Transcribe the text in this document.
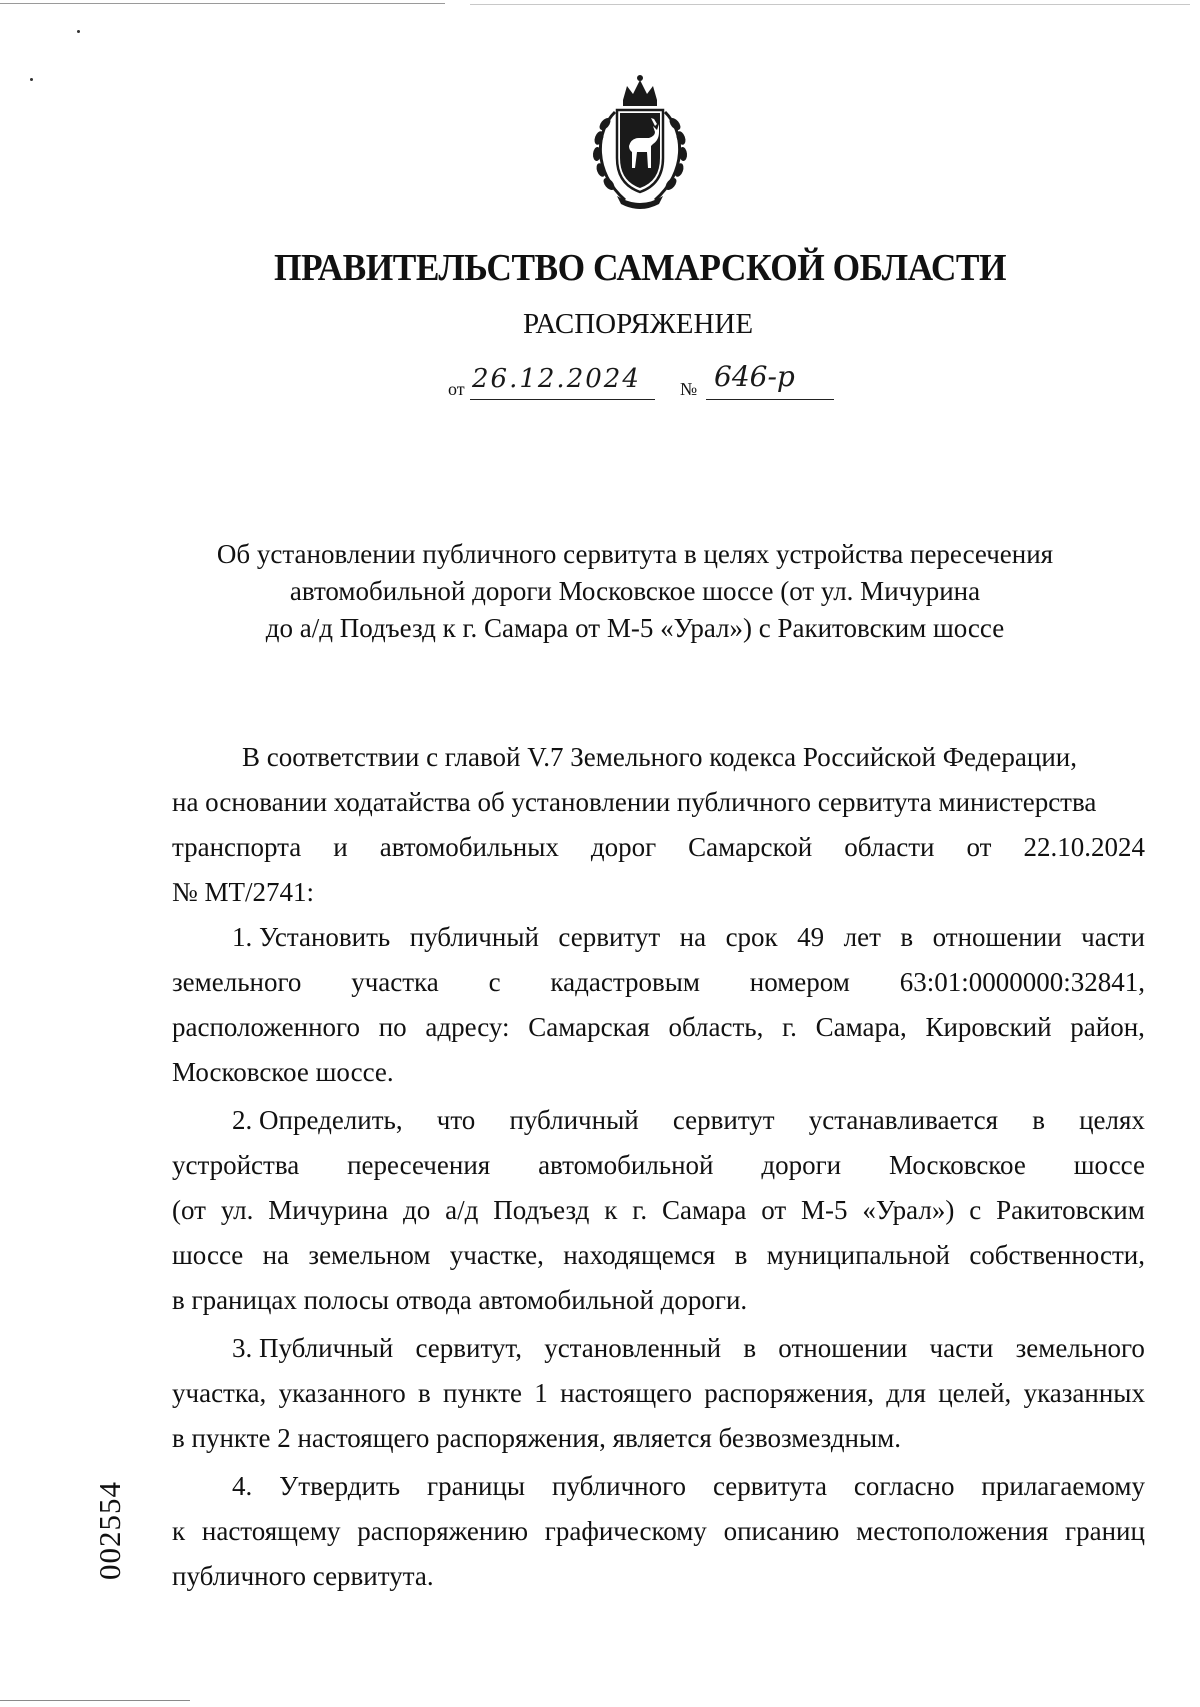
ПРАВИТЕЛЬСТВО САМАРСКОЙ ОБЛАСТИ
РАСПОРЯЖЕНИЕ
от 26.12.2024	№ 646-р
Об установлении публичного сервитута в целях устройства пересечения
автомобильной дороги Московское шоссе (от ул. Мичурина
до а/д Подъезд к г. Самара от М-5 «Урал») с Ракитовским шоссе
В соответствии с главой V.7 Земельного кодекса Российской Федерации,
на основании ходатайства об установлении публичного сервитута министерства
транспорта и автомобильных дорог Самарской области от 22.10.2024
№ МТ/2741:
1. Установить публичный сервитут на срок 49 лет в отношении части
земельного участка с кадастровым номером 63:01:0000000:32841,
расположенного по адресу: Самарская область, г. Самара, Кировский район,
Московское шоссе.
2. Определить, что публичный сервитут устанавливается в целях
устройства пересечения автомобильной дороги Московское шоссе
(от ул. Мичурина до а/д Подъезд к г. Самара от М-5 «Урал») с Ракитовским
шоссе на земельном участке, находящемся в муниципальной собственности,
в границах полосы отвода автомобильной дороги.
3. Публичный сервитут, установленный в отношении части земельного
участка, указанного в пункте 1 настоящего распоряжения, для целей, указанных
в пункте 2 настоящего распоряжения, является безвозмездным.
4. Утвердить границы публичного сервитута согласно прилагаемому
к настоящему распоряжению графическому описанию местоположения границ
публичного сервитута.
002554
